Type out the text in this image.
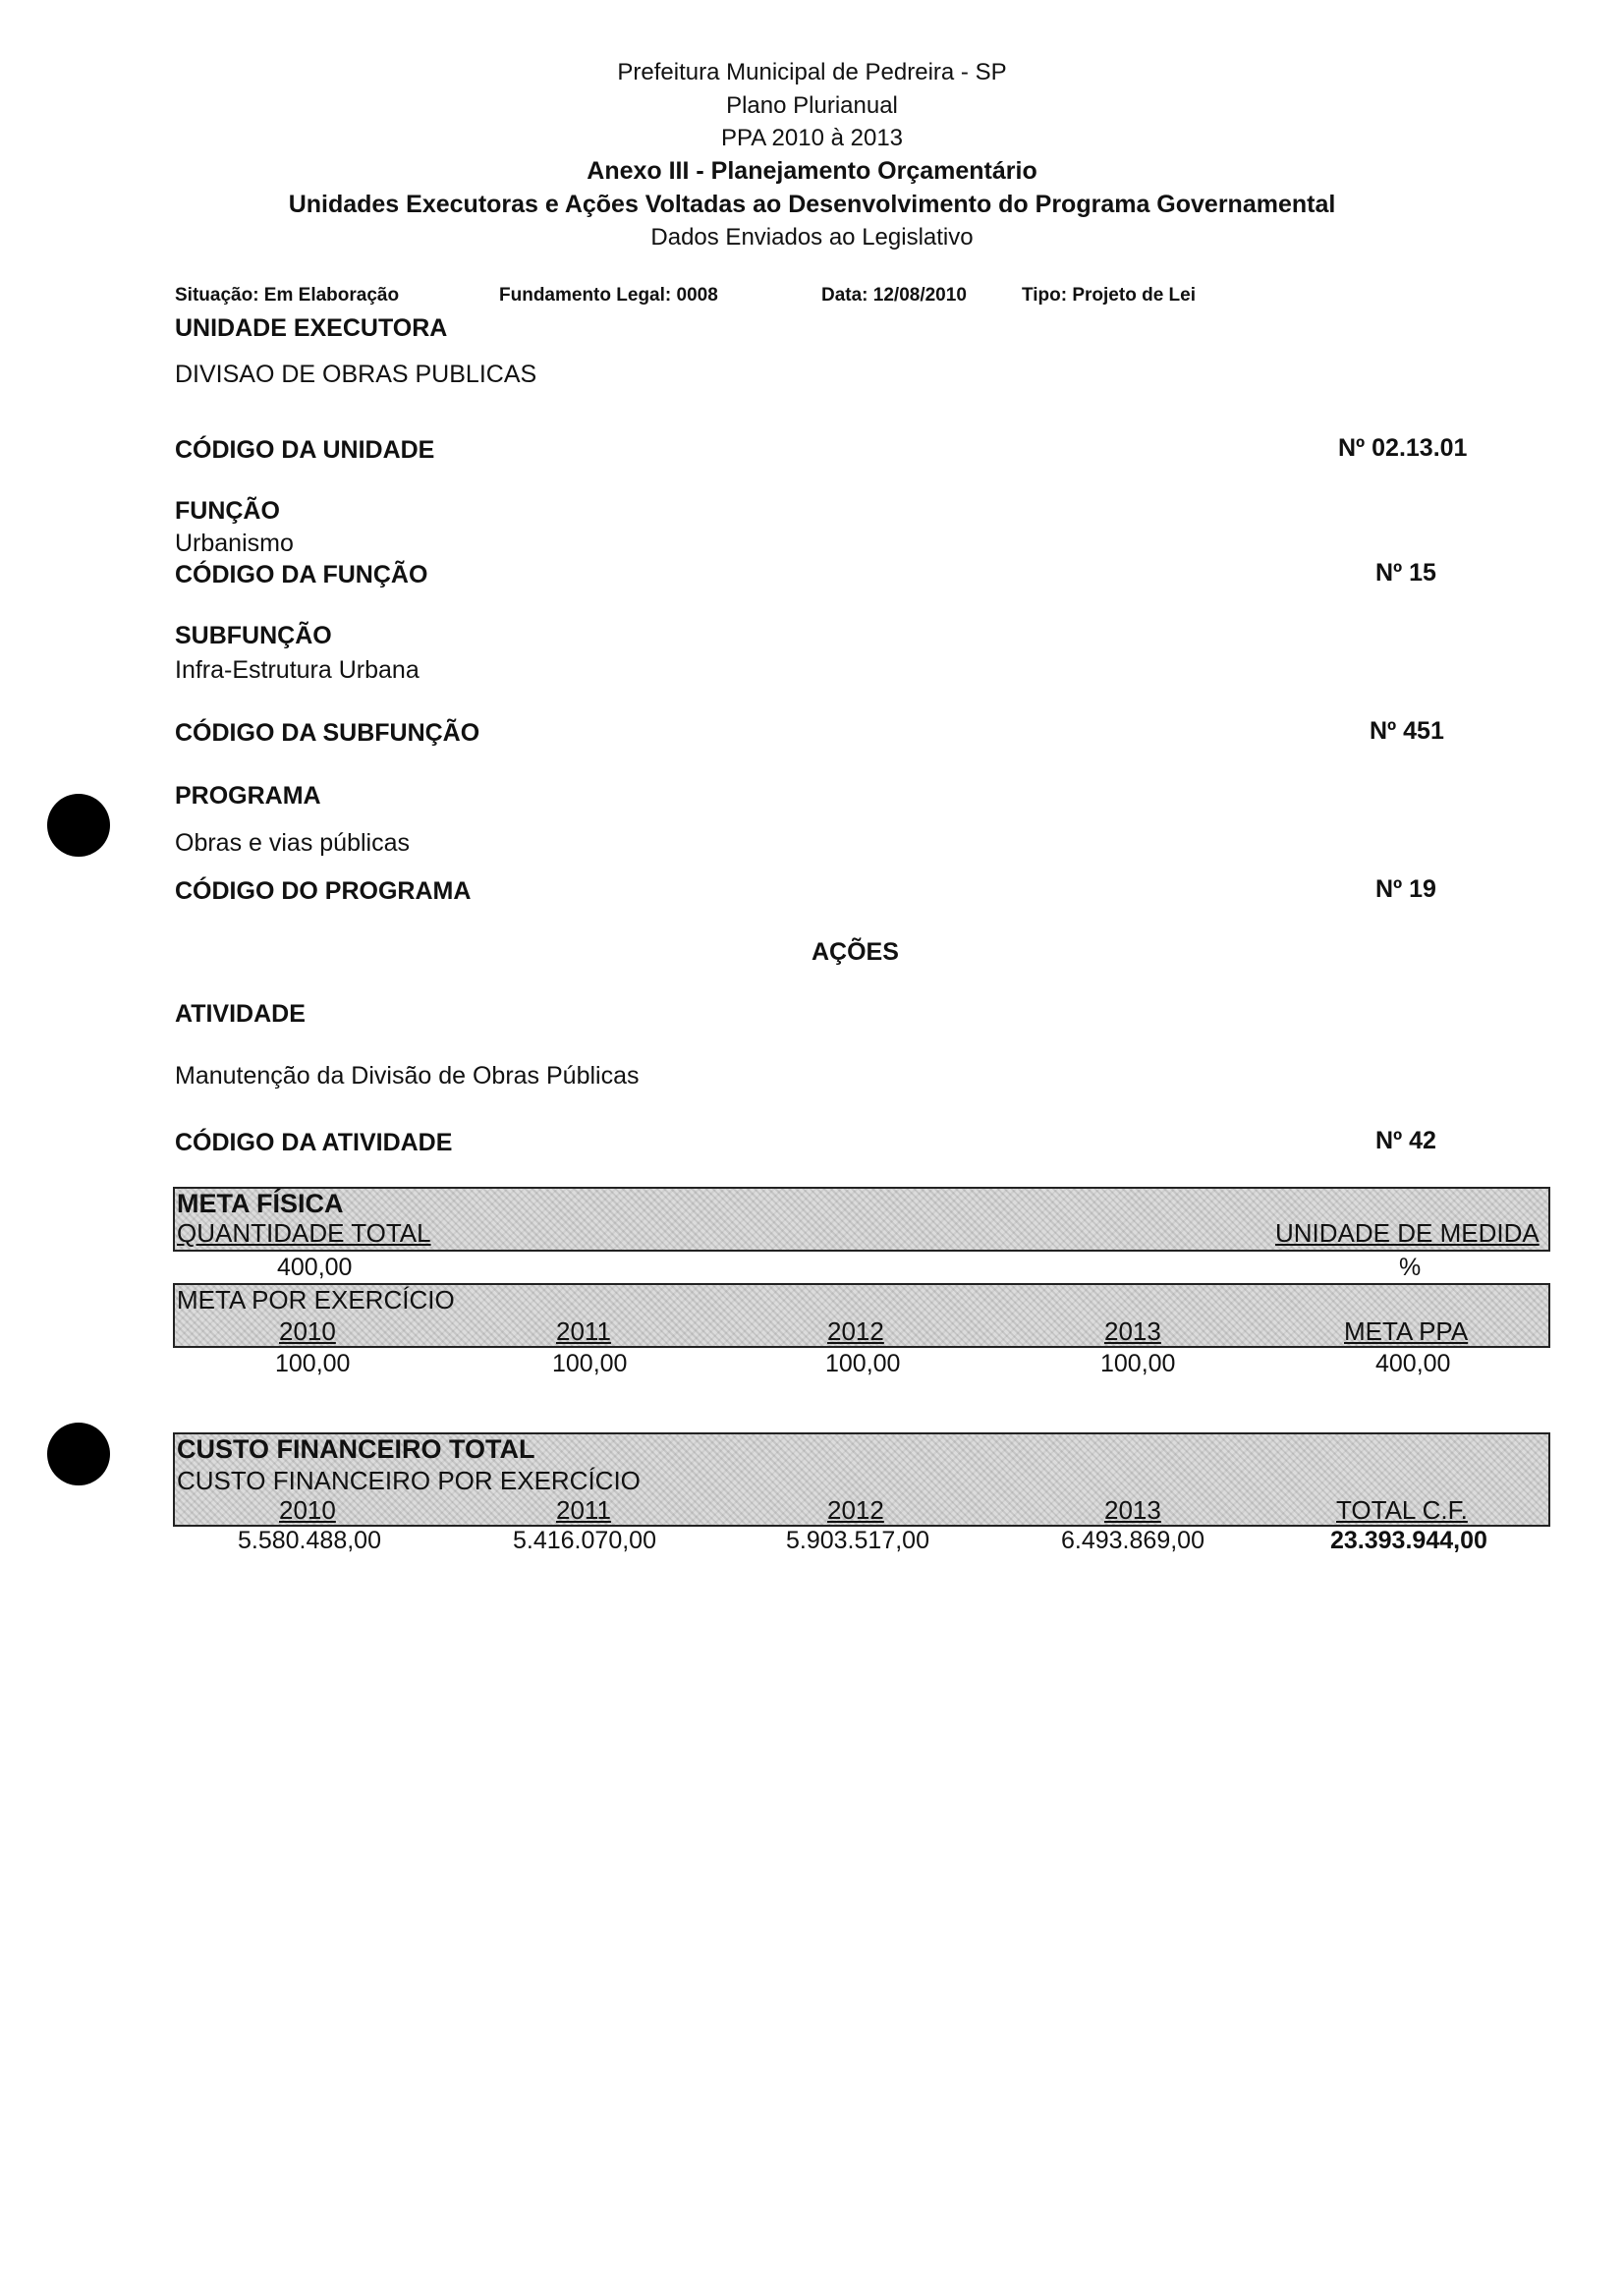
Prefeitura Municipal de Pedreira - SP
Plano Plurianual
PPA 2010 à 2013
Anexo III - Planejamento Orçamentário
Unidades Executoras e Ações Voltadas ao Desenvolvimento do Programa Governamental
Dados Enviados ao Legislativo
Situação: Em Elaboração	Fundamento Legal: 0008	Data: 12/08/2010	Tipo: Projeto de Lei
UNIDADE EXECUTORA
DIVISAO DE OBRAS PUBLICAS
CÓDIGO DA UNIDADE	Nº 02.13.01
FUNÇÃO
Urbanismo
CÓDIGO DA FUNÇÃO	Nº 15
SUBFUNÇÃO
Infra-Estrutura Urbana
CÓDIGO DA SUBFUNÇÃO	Nº 451
PROGRAMA
Obras e vias públicas
CÓDIGO DO PROGRAMA	Nº 19
AÇÕES
ATIVIDADE
Manutenção da Divisão de Obras Públicas
CÓDIGO DA ATIVIDADE	Nº 42
META FÍSICA
QUANTIDADE TOTAL	UNIDADE DE MEDIDA
400,00	%
META POR EXERCÍCIO
2010	2011	2012	2013	META PPA
100,00	100,00	100,00	100,00	400,00
CUSTO FINANCEIRO TOTAL
CUSTO FINANCEIRO POR EXERCÍCIO
2010	2011	2012	2013	TOTAL C.F.
5.580.488,00	5.416.070,00	5.903.517,00	6.493.869,00	23.393.944,00
